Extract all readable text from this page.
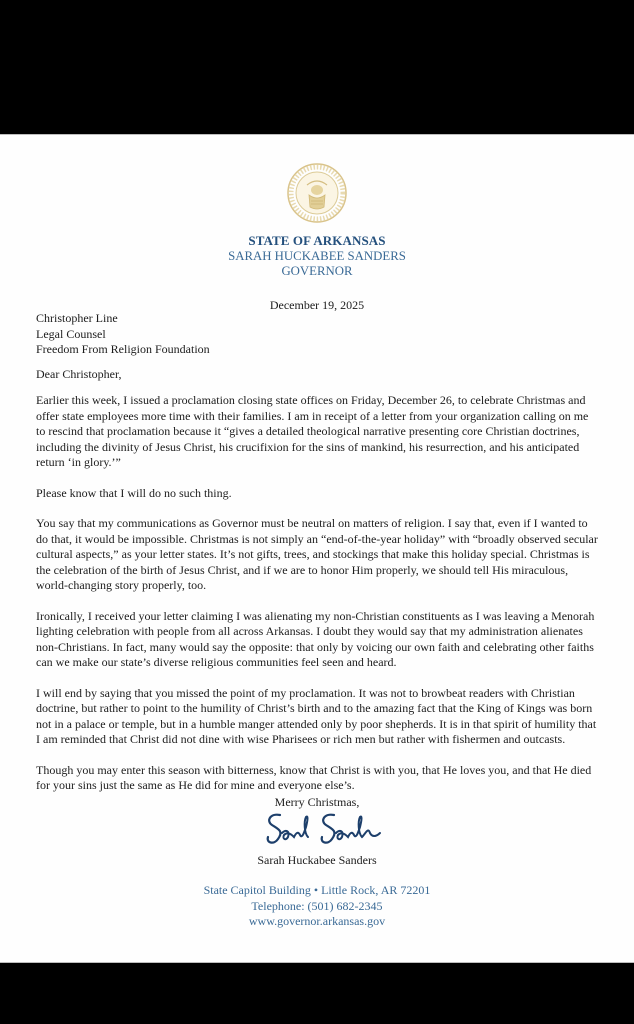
STATE OF ARKANSAS
SARAH HUCKABEE SANDERS
GOVERNOR
December 19, 2025
Christopher Line
Legal Counsel
Freedom From Religion Foundation
Dear Christopher,

Earlier this week, I issued a proclamation closing state offices on Friday, December 26, to celebrate Christmas and offer state employees more time with their families. I am in receipt of a letter from your organization calling on me to rescind that proclamation because it “gives a detailed theological narrative presenting core Christian doctrines, including the divinity of Jesus Christ, his crucifixion for the sins of mankind, his resurrection, and his anticipated return ‘in glory.’”

Please know that I will do no such thing.

You say that my communications as Governor must be neutral on matters of religion. I say that, even if I wanted to do that, it would be impossible. Christmas is not simply an “end-of-the-year holiday” with “broadly observed secular cultural aspects,” as your letter states. It’s not gifts, trees, and stockings that make this holiday special. Christmas is the celebration of the birth of Jesus Christ, and if we are to honor Him properly, we should tell His miraculous, world-changing story properly, too.

Ironically, I received your letter claiming I was alienating my non-Christian constituents as I was leaving a Menorah lighting celebration with people from all across Arkansas. I doubt they would say that my administration alienates non-Christians. In fact, many would say the opposite: that only by voicing our own faith and celebrating other faiths can we make our state’s diverse religious communities feel seen and heard.

I will end by saying that you missed the point of my proclamation. It was not to browbeat readers with Christian doctrine, but rather to point to the humility of Christ’s birth and to the amazing fact that the King of Kings was born not in a palace or temple, but in a humble manger attended only by poor shepherds. It is in that spirit of humility that I am reminded that Christ did not dine with wise Pharisees or rich men but rather with fishermen and outcasts.

Though you may enter this season with bitterness, know that Christ is with you, that He loves you, and that He died for your sins just the same as He did for mine and everyone else’s.

Merry Christmas,
Sarah Huckabee Sanders
State Capitol Building • Little Rock, AR 72201
Telephone: (501) 682-2345
www.governor.arkansas.gov
